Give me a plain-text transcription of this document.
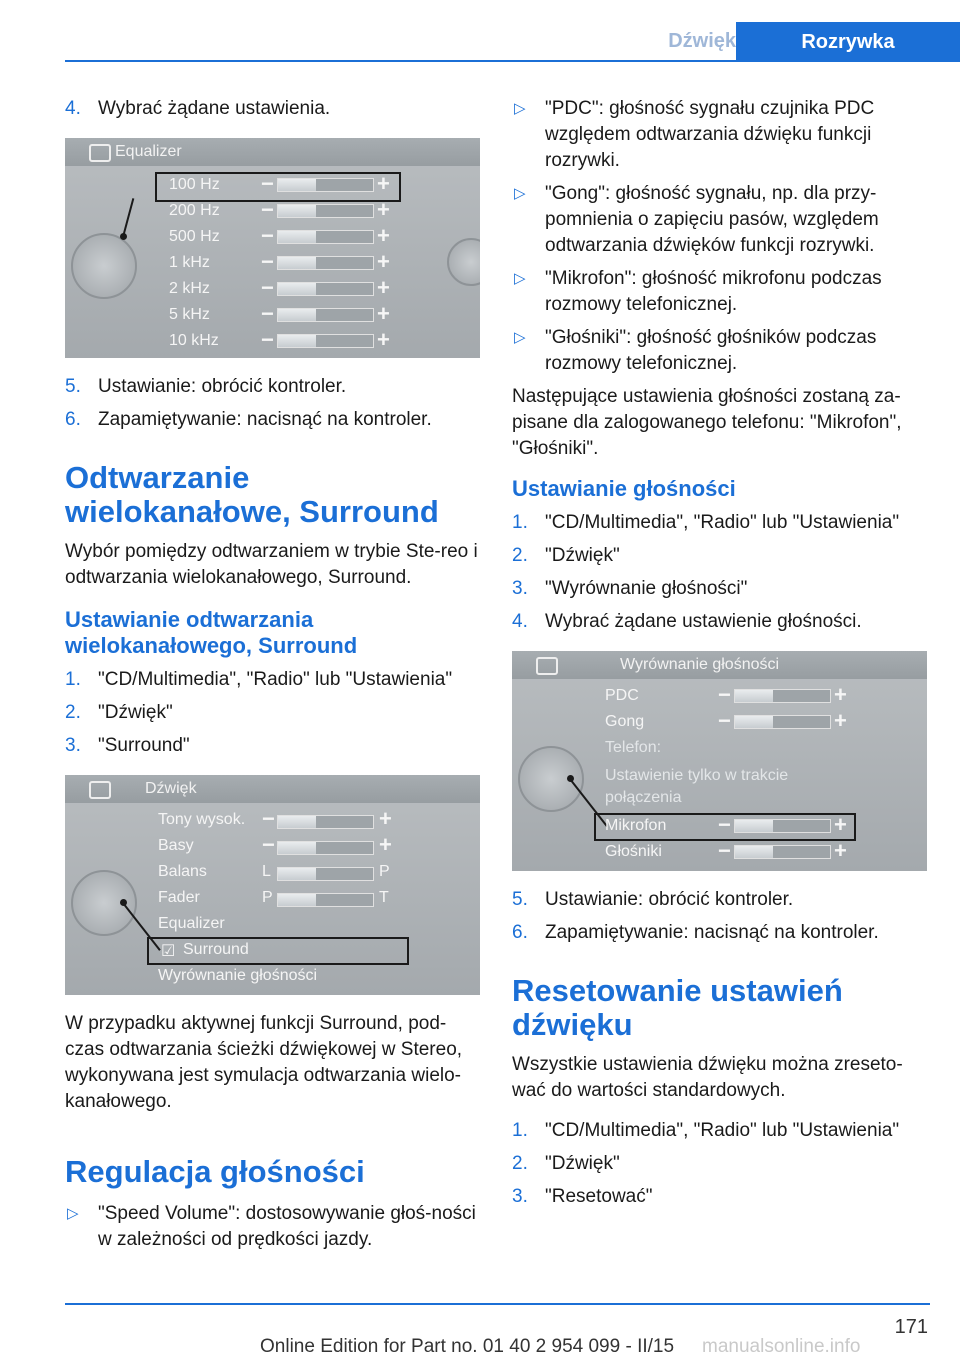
Dźwięk	Rozrywka
4. Wybrać żądane ustawienia.
Equalizer
100 Hz −	+
200 Hz −	+
500 Hz −	+
1 kHz −	+
2 kHz −	+
5 kHz −	+
10 kHz −	+
5. Ustawianie: obrócić kontroler.
6. Zapamiętywanie: nacisnąć na kontroler.
Odtwarzanie wielokanałowe, Surround

Wybór pomiędzy odtwarzaniem w trybie Ste‐reo i odtwarzania wielokanałowego, Surround.

Ustawianie odtwarzania wielokanałowego, Surround
1. "CD/Multimedia", "Radio" lub "Ustawienia"
2. "Dźwięk"
3. "Surround"
Dźwięk
Tony wysok. −	+
Basy	−	+
Balans	L	P
Fader	P	T
Equalizer
Surround
☑
Wyrównanie głośności

W przypadku aktywnej funkcji Surround, pod‐czas odtwarzania ścieżki dźwiękowej w Stereo, wykonywana jest symulacja odtwarzania wielo‐kanałowego.

Regulacja głośności
▷ "Speed Volume": dostosowywanie głoś‐ności w zależności od prędkości jazdy.
▷ "PDC": głośność sygnału czujnika PDC względem odtwarzania dźwięku funkcji rozrywki.
▷ "Gong": głośność sygnału, np. dla przy‐pomnienia o zapięciu pasów, względem odtwarzania dźwięków funkcji rozrywki.
▷ "Mikrofon": głośność mikrofonu podczas rozmowy telefonicznej.
▷ "Głośniki": głośność głośników podczas rozmowy telefonicznej.

Następujące ustawienia głośności zostaną za‐pisane dla zalogowanego telefonu: "Mikrofon", "Głośniki".

Ustawianie głośności
1. "CD/Multimedia", "Radio" lub "Ustawienia"
2. "Dźwięk"
3. "Wyrównanie głośności"
4. Wybrać żądane ustawienie głośności.
Wyrównanie głośności
PDC	−	+
Gong	−	+
Telefon:
Ustawienie tylko w trakcie połączenia
Mikrofon −	+
Głośniki	−	+
5. Ustawianie: obrócić kontroler.
6. Zapamiętywanie: nacisnąć na kontroler.
Resetowanie ustawień dźwięku

Wszystkie ustawienia dźwięku można zreseto‐wać do wartości standardowych.

1. "CD/Multimedia", "Radio" lub "Ustawienia"
2. "Dźwięk"
3. "Resetować"
171
Online Edition for Part no. 01 40 2 954 099 - II/15 manualsonline.info
